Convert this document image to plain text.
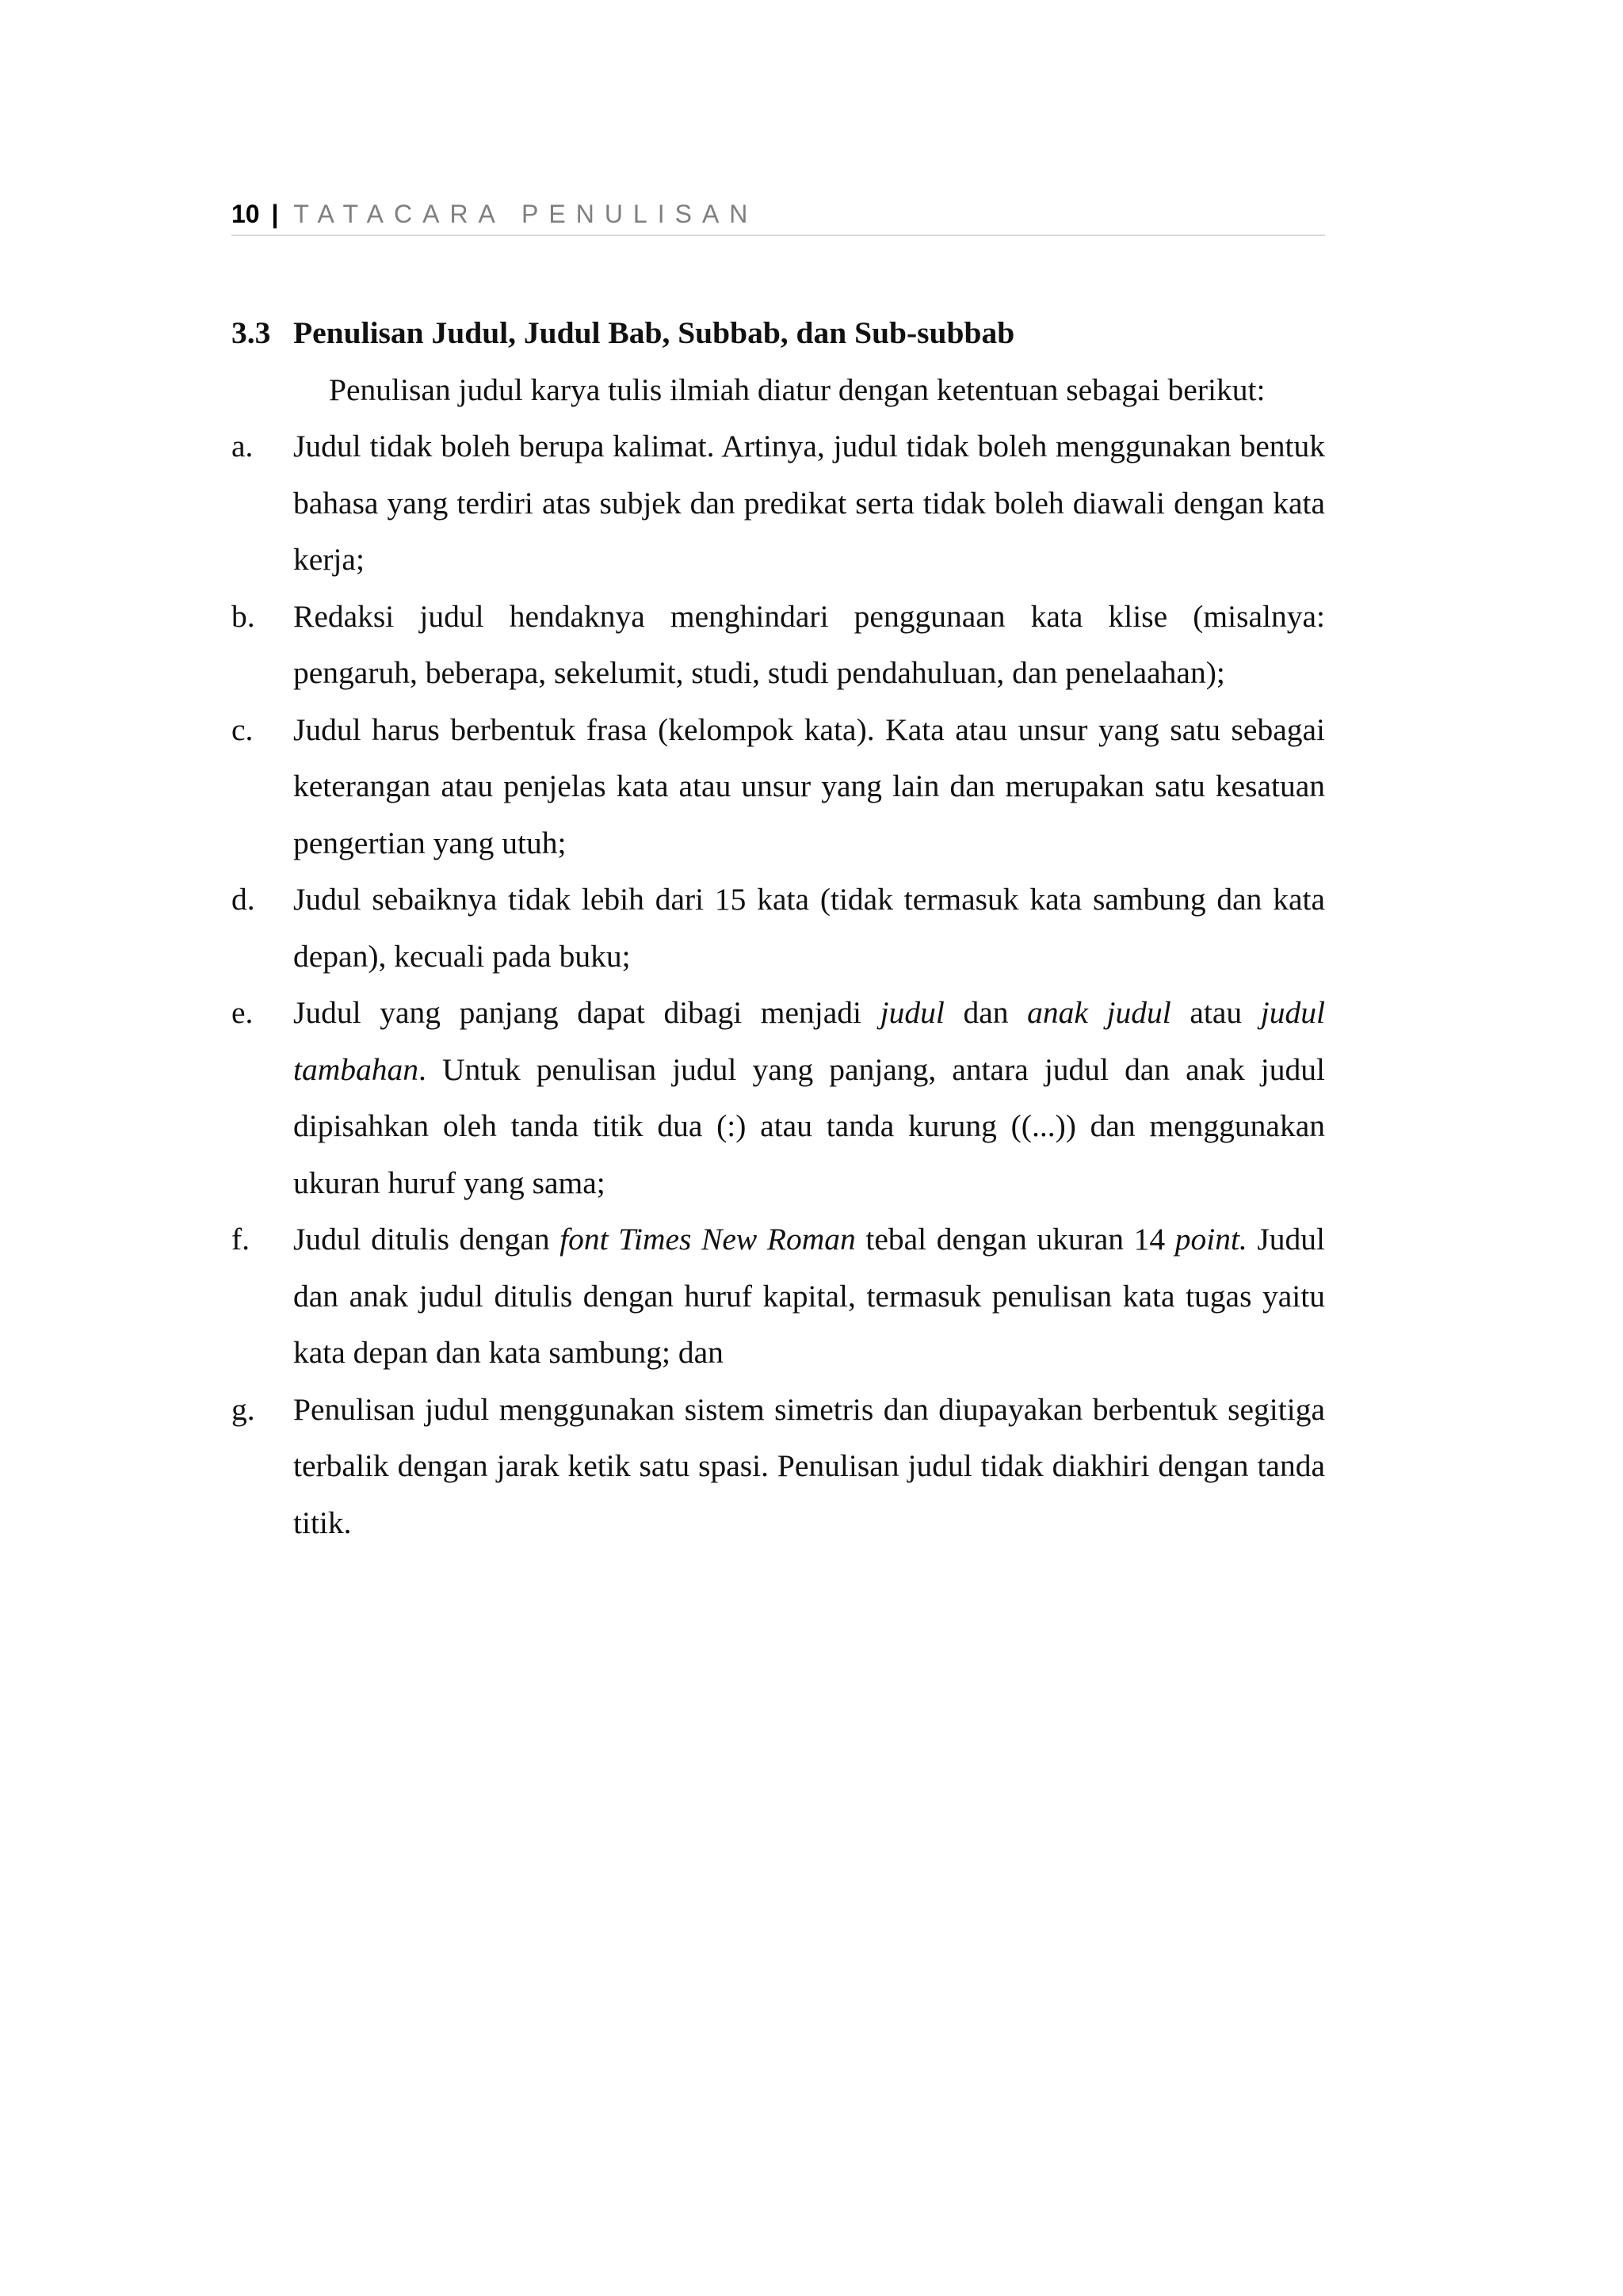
10 | TATACARA PENULISAN
3.3 Penulisan Judul, Judul Bab, Subbab, dan Sub-subbab
Penulisan judul karya tulis ilmiah diatur dengan ketentuan sebagai berikut:
a.	Judul tidak boleh berupa kalimat. Artinya, judul tidak boleh menggunakan bentuk bahasa yang terdiri atas subjek dan predikat serta tidak boleh diawali dengan kata kerja;
b.	Redaksi judul hendaknya menghindari penggunaan kata klise (misalnya: pengaruh, beberapa, sekelumit, studi, studi pendahuluan, dan penelaahan);
c.	Judul harus berbentuk frasa (kelompok kata). Kata atau unsur yang satu sebagai keterangan atau penjelas kata atau unsur yang lain dan merupakan satu kesatuan pengertian yang utuh;
d.	Judul sebaiknya tidak lebih dari 15 kata (tidak termasuk kata sambung dan kata depan), kecuali pada buku;
e.	Judul yang panjang dapat dibagi menjadi judul dan anak judul atau judul tambahan. Untuk penulisan judul yang panjang, antara judul dan anak judul dipisahkan oleh tanda titik dua (:) atau tanda kurung ((...)) dan menggunakan ukuran huruf yang sama;
f.	Judul ditulis dengan font Times New Roman tebal dengan ukuran 14 point. Judul dan anak judul ditulis dengan huruf kapital, termasuk penulisan kata tugas yaitu kata depan dan kata sambung; dan
g.	Penulisan judul menggunakan sistem simetris dan diupayakan berbentuk segitiga terbalik dengan jarak ketik satu spasi. Penulisan judul tidak diakhiri dengan tanda titik.
